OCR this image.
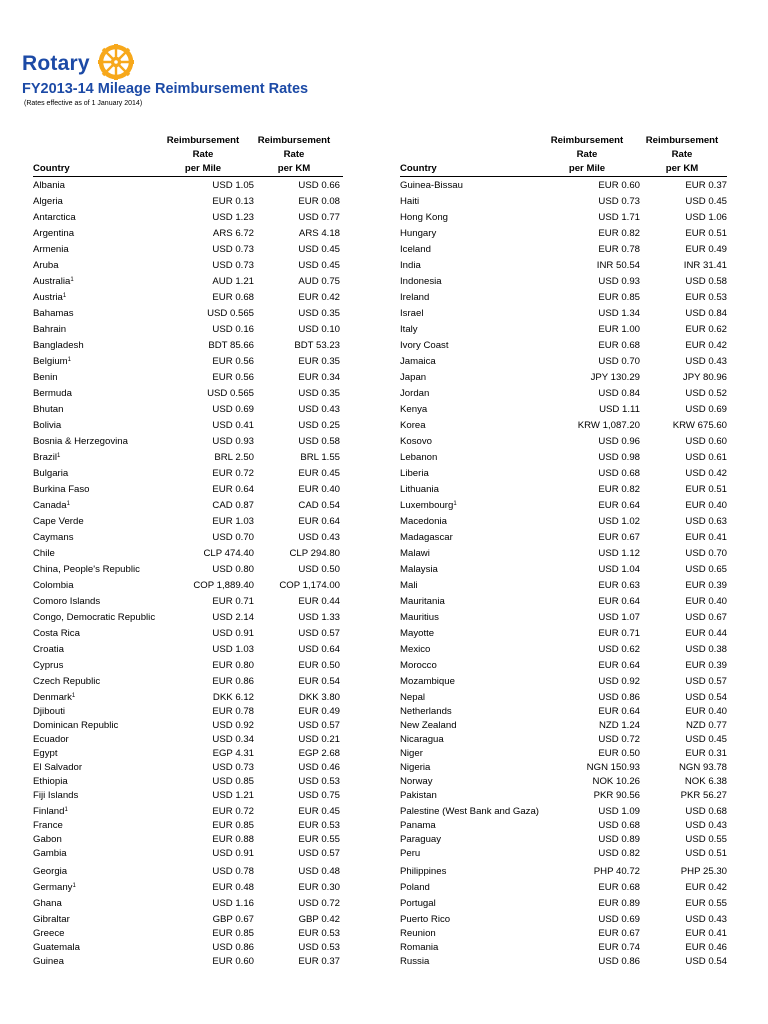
Rotary
FY2013-14 Mileage Reimbursement Rates
(Rates effective as of 1 January 2014)
Country
Reimbursement
Rate
per Mile
Reimbursement
Rate
per KM
Albania	USD 1.05	USD 0.66
Algeria	EUR 0.13	EUR 0.08
Antarctica	USD 1.23	USD 0.77
Argentina	ARS 6.72	ARS 4.18
Armenia	USD 0.73	USD 0.45
Aruba	USD 0.73	USD 0.45
Australia$^1$	AUD 1.21	AUD 0.75
Austria$^1$	EUR 0.68	EUR 0.42
Bahamas	USD 0.565	USD 0.35
Bahrain	USD 0.16	USD 0.10
Bangladesh	BDT 85.66	BDT 53.23
Belgium$^1$	EUR 0.56	EUR 0.35
Benin	EUR 0.56	EUR 0.34
Bermuda	USD 0.565	USD 0.35
Bhutan	USD 0.69	USD 0.43
Bolivia	USD 0.41	USD 0.25
Bosnia & Herzegovina	USD 0.93	USD 0.58
Brazil$^1$	BRL 2.50	BRL 1.55
Bulgaria	EUR 0.72	EUR 0.45
Burkina Faso	EUR 0.64	EUR 0.40
Canada$^1$	CAD 0.87	CAD 0.54
Cape Verde	EUR 1.03	EUR 0.64
Caymans	USD 0.70	USD 0.43
Chile	CLP 474.40	CLP 294.80
China, People's Republic	USD 0.80	USD 0.50
Colombia	COP 1,889.40	COP 1,174.00
Comoro Islands	EUR 0.71	EUR 0.44
Congo, Democratic Republic	USD 2.14	USD 1.33
Costa Rica	USD 0.91	USD 0.57
Croatia	USD 1.03	USD 0.64
Cyprus	EUR 0.80	EUR 0.50
Czech Republic	EUR 0.86	EUR 0.54
Denmark$^1$	DKK 6.12	DKK 3.80
Djibouti	EUR 0.78	EUR 0.49
Dominican Republic	USD 0.92	USD 0.57
Ecuador	USD 0.34	USD 0.21
Egypt	EGP 4.31	EGP 2.68
El Salvador	USD 0.73	USD 0.46
Ethiopia	USD 0.85	USD 0.53
Fiji Islands	USD 1.21	USD 0.75
Finland$^1$	EUR 0.72	EUR 0.45
France	EUR 0.85	EUR 0.53
Gabon	EUR 0.88	EUR 0.55
Gambia	USD 0.91	USD 0.57
Georgia	USD 0.78	USD 0.48
Germany$^1$	EUR 0.48	EUR 0.30
Ghana	USD 1.16	USD 0.72
Gibraltar	GBP 0.67	GBP 0.42
Greece	EUR 0.85	EUR 0.53
Guatemala	USD 0.86	USD 0.53
Guinea	EUR 0.60	EUR 0.37
Country
Reimbursement
Rate
per Mile
Reimbursement
Rate
per KM
Guinea-Bissau	EUR 0.60	EUR 0.37
Haiti	USD 0.73	USD 0.45
Hong Kong	USD 1.71	USD 1.06
Hungary	EUR 0.82	EUR 0.51
Iceland	EUR 0.78	EUR 0.49
India	INR 50.54	INR 31.41
Indonesia	USD 0.93	USD 0.58
Ireland	EUR 0.85	EUR 0.53
Israel	USD 1.34	USD 0.84
Italy	EUR 1.00	EUR 0.62
Ivory Coast	EUR 0.68	EUR 0.42
Jamaica	USD 0.70	USD 0.43
Japan	JPY 130.29	JPY 80.96
Jordan	USD 0.84	USD 0.52
Kenya	USD 1.11	USD 0.69
Korea	KRW 1,087.20	KRW 675.60
Kosovo	USD 0.96	USD 0.60
Lebanon	USD 0.98	USD 0.61
Liberia	USD 0.68	USD 0.42
Lithuania	EUR 0.82	EUR 0.51
Luxembourg$^1$	EUR 0.64	EUR 0.40
Macedonia	USD 1.02	USD 0.63
Madagascar	EUR 0.67	EUR 0.41
Malawi	USD 1.12	USD 0.70
Malaysia	USD 1.04	USD 0.65
Mali	EUR 0.63	EUR 0.39
Mauritania	EUR 0.64	EUR 0.40
Mauritius	USD 1.07	USD 0.67
Mayotte	EUR 0.71	EUR 0.44
Mexico	USD 0.62	USD 0.38
Morocco	EUR 0.64	EUR 0.39
Mozambique	USD 0.92	USD 0.57
Nepal	USD 0.86	USD 0.54
Netherlands	EUR 0.64	EUR 0.40
New Zealand	NZD 1.24	NZD 0.77
Nicaragua	USD 0.72	USD 0.45
Niger	EUR 0.50	EUR 0.31
Nigeria	NGN 150.93	NGN 93.78
Norway	NOK 10.26	NOK 6.38
Pakistan	PKR 90.56	PKR 56.27
Palestine (West Bank and Gaza)	USD 1.09	USD 0.68
Panama	USD 0.68	USD 0.43
Paraguay	USD 0.89	USD 0.55
Peru	USD 0.82	USD 0.51
Philippines	PHP 40.72	PHP 25.30
Poland	EUR 0.68	EUR 0.42
Portugal	EUR 0.89	EUR 0.55
Puerto Rico	USD 0.69	USD 0.43
Reunion	EUR 0.67	EUR 0.41
Romania	EUR 0.74	EUR 0.46
Russia	USD 0.86	USD 0.54
